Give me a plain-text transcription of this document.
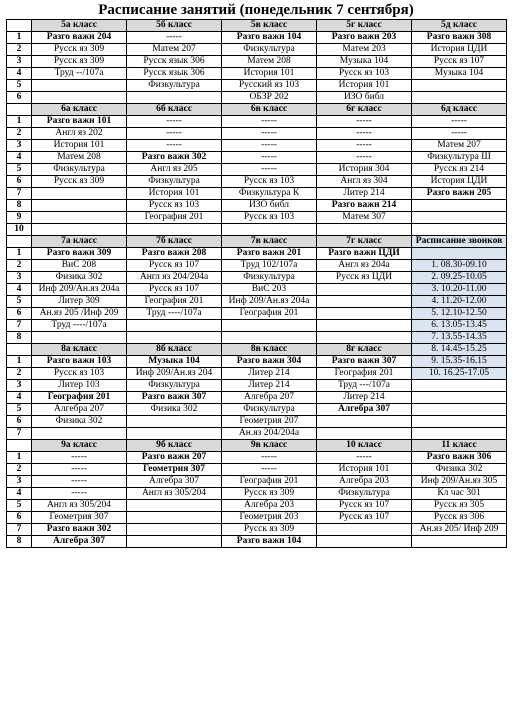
Расписание занятий (понедельник 7 сентября)
	5а класс	5б класс	5в класс	5г класс	5д класс
1	Разго важн 204	-----	Разго важн 104	Разго важн 203	Разго важн 308
2	Русск яз 309	Матем 207	Физкультура	Матем 203	История ЦДИ
3	Русск яз 309	Русск язык 306	Матем 208	Музыка 104	Русск яз 107
4	Труд --/107а	Русск язык 306	История 101	Русск яз 103	Музыка 104
5		Физкультура	Русский яз 103	История 101	
6			ОБЗР 202	ИЗО библ	
	6а класс	6б класс	6в класс	6г класс	6д класс
1	Разго важн 101	-----	-----	-----	-----
2	Англ яз 202	-----	-----	-----	-----
3	История 101	-----	-----	-----	Матем 207
4	Матем 208	Разго важн 302	-----	-----	Физкультура Ш
5	Физкультура	Англ яз 205	-----	История 304	Русск яз 214
6	Русск яз 309	Физкультура	Русск яз 103	Англ яз 304	История ЦДИ
7		История 101	Физкультура К	Литер 214	Разго важн 205
8		Русск яз 103	ИЗО библ	Разго важн 214	
9		География 201	Русск яз 103	Матем 307	
10					
	7а класс	7б класс	7в класс	7г класс	Расписание звонков
1	Разго важн 309	Разго важн 208	Разго важн 201	Разго важн ЦДИ	
2	ВиС 208	Русск яз 107	Труд 102/107а	Англ яз 204а	1. 08.30-09.10
3	Физика 302	Англ яз 204/204а	Физкультура	Русск яз ЦДИ	2. 09.25-10.05
4	Инф 209/Ан.яз 204а	Русск яз 107	ВиС 203		3. 10.20-11.00
5	Литер 309	География 201	Инф 209/Ан.яз 204а		4. 11.20-12.00
6	Ан.яз 205 /Инф 209	Труд ----/107а	География 201		5. 12.10-12.50
7	Труд ----/107а				6. 13.05-13.45
8					7. 13.55-14.35
	8а класс	8б класс	8в класс	8г класс	8. 14.45-15.25
1	Разго важн 103	Музыка 104	Разго важн 304	Разго важн 307	9. 15.35-16.15
2	Русск яз 103	Инф 209/Ан.яз 204	Литер 214	География 201	10. 16.25-17.05
3	Литер 103	Физкультура	Литер 214	Труд ---/107а	
4	География 201	Разго важн 307	Алгебра 207	Литер 214	
5	Алгебра 207	Физика 302	Физкультура	Алгебра 307	
6	Физика 302		Геометрия 207		
7			Ан.яз 204/204а		
	9а класс	9б класс	9в класс	10 класс	11 класс
1	-----	Разго важн 207	-----	-----	Разго важн 306
2	-----	Геометрия 307	-----	История 101	Физика 302
3	-----	Алгебра 307	География 201	Алгебра 203	Инф 209/Ан.яз 305
4	-----	Англ яз 305/204	Русск яз 309	Физкультура	Кл час 301
5	Англ яз 305/204		Алгебра 203	Русск яз 107	Русск яз 305
6	Геометрия 307		Геометрия 203	Русск яз 107	Русск яз 306
7	Разго важн 302		Русск яз 309		Ан.яз 205/ Инф 209
8	Алгебра 307		Разго важн 104		
